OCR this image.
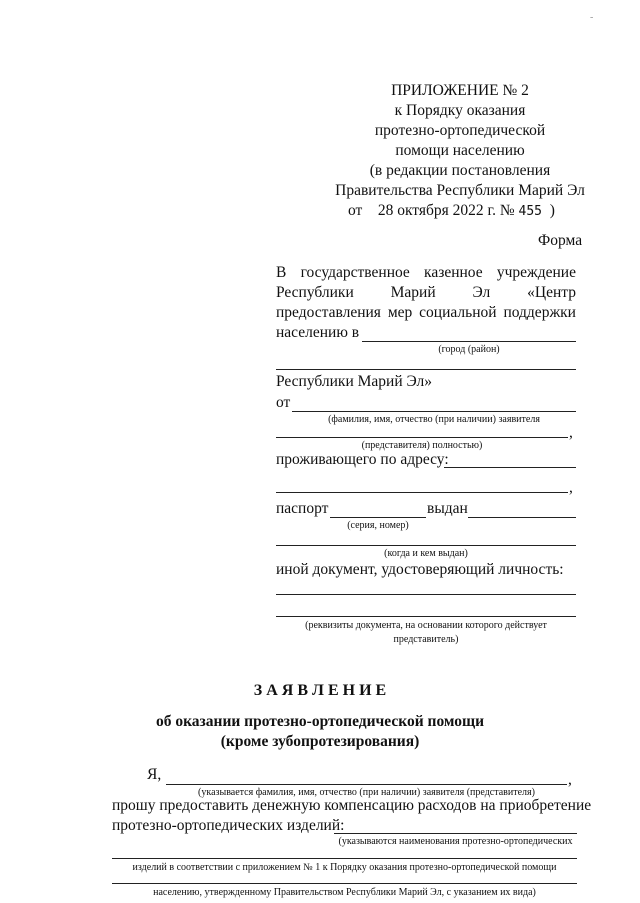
-
ПРИЛОЖЕНИЕ № 2
к Порядку оказания
протезно-ортопедической
помощи населению
(в редакции постановления
Правительства Республики Марий Эл
от 28 октября 2022 г. № 455 )
Форма
В государственное казенное учреждение
Республики Марий Эл «Центр
предоставления мер социальной поддержки
населению в
(город (район)
Республики Марий Эл»
от
(фамилия, имя, отчество (при наличии) заявителя
,
(представителя) полностью)
проживающего по адресу:
,
паспорт	выдан
(серия, номер)
(когда и кем выдан)
иной документ, удостоверяющий личность:
(реквизиты документа, на основании которого действует
представитель)
З А Я В Л Е Н И Е
об оказании протезно-ортопедической помощи
(кроме зубопротезирования)
Я,	,
(указывается фамилия, имя, отчество (при наличии) заявителя (представителя)
прошу предоставить денежную компенсацию расходов на приобретение
протезно-ортопедических изделий:
(указываются наименования протезно-ортопедических
изделий в соответствии с приложением № 1 к Порядку оказания протезно-ортопедической помощи
населению, утвержденному Правительством Республики Марий Эл, с указанием их вида)
